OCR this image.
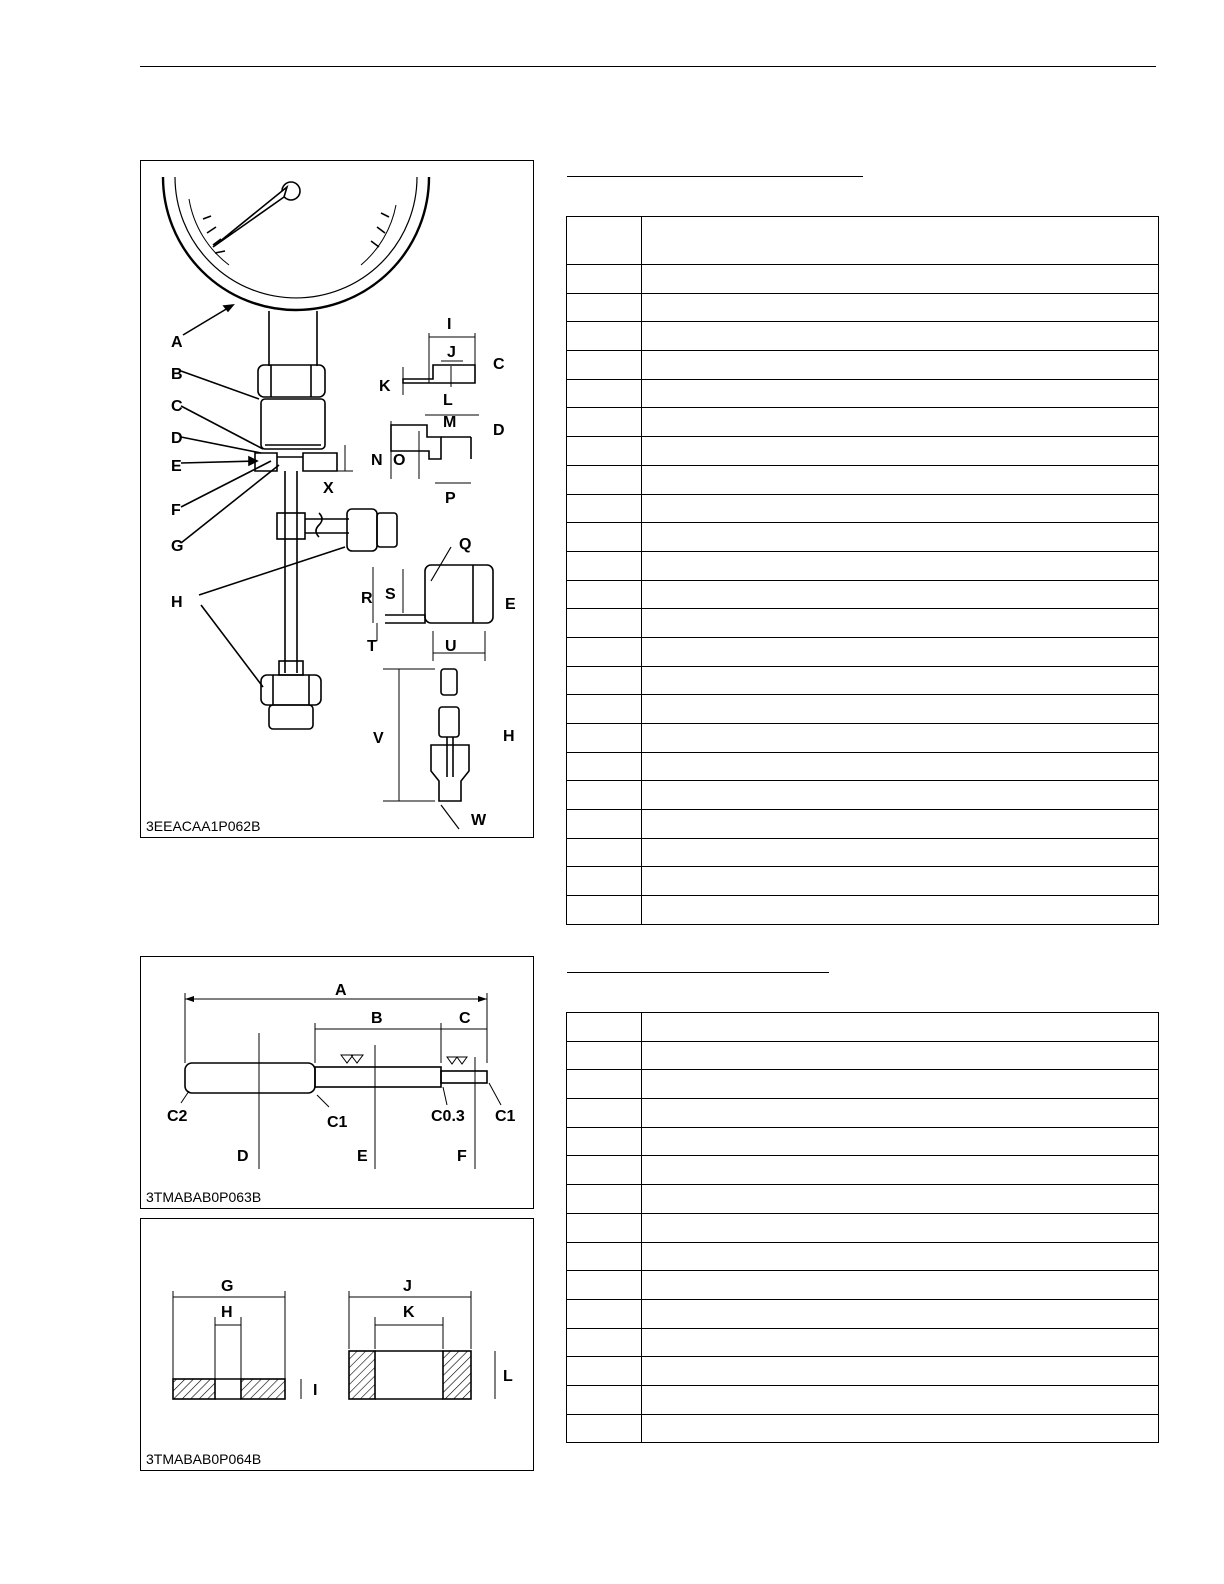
A
B
C
D
E
F
G
H
I
J
C
K
L
M D
N O
P
X
Q
S
R	E
T	U
V	H
W
3EEACAA1P062B
A
B	C
C2	C1	C0.3 C1
D	E	F
3TMABAB0P063B
G
H
I
J
K
L
3TMABAB0P064B
